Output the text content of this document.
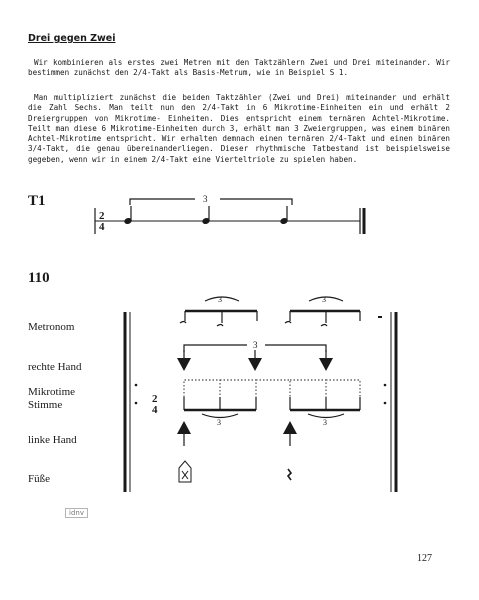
Drei gegen Zwei

Wir kombinieren als erstes zwei Metren mit den Taktzählern Zwei und Drei miteinander. Wir bestimmen zunächst den 2/4-Takt als Basis-Metrum, wie in Beispiel S 1.

Man multipliziert zunächst die beiden Taktzähler (Zwei und Drei) miteinander und erhält die Zahl Sechs. Man teilt nun den 2/4-Takt in 6 Mikrotime-Einheiten ein und erhält 2 Dreiergruppen von Mikrotime- Einheiten. Dies entspricht einem ternären Achtel-Mikrotime. Teilt man diese 6 Mikrotime-Einheiten durch 3, erhält man 3 Zweiergruppen, was einem binären Achtel-Mikrotime entspricht. Wir erhalten demnach einen ternären 2/4-Takt und einen binären 3/4-Takt, die genau übereinanderliegen. Dieser rhythmische Tatbestand ist beispielsweise gegeben, wenn wir in einem 2/4-Takt eine Vierteltriole zu spielen haben.

T1
110
Metronom
rechte Hand
Mikrotime Stimme
linke Hand
Füße
2
4
3
2
4
3	3
3
3	3
idnv
127
